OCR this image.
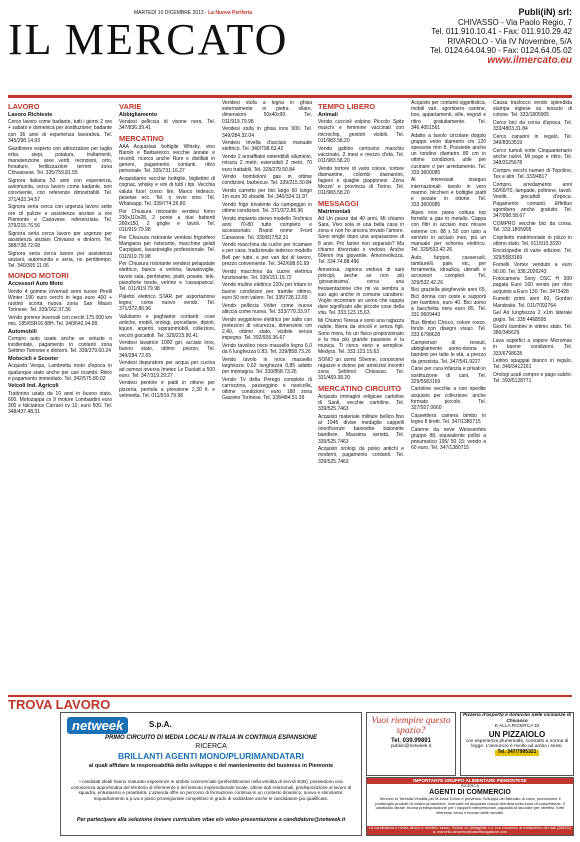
IL MERCATO
MARTEDÌ 10 DICEMBRE 2013 - La Nuova Periferia	Publi(iN) srl:
CHIVASSO - Via Paolo Regio, 7
Tel. 011.910.10.41 - Fax: 011.910.29.42
RIVAROLO - Via IV Novembre, 5/A
Tel. 0124.64.04.90 - Fax: 0124.64.05.02
www.ilmercato.eu
LAVORO
Lavoro Richieste
Cerco lavoro come badante, tutti i giorni 2 ore + sabato e domenica per sostituzione; badante con 36 anni di esperienza lavorativa. Tel. 345/298.14.93
Giardiniere esperto con attrezzature per taglio erba, siepi, potatura, trattamenti, manutenzione aree verdi, recinzioni, orto, fresature, fertilizzazioni terreni zona Chivassese. Tel. 335/759.81.55
Signora italiana 53 anni con esperienza, automunita, cerca lavoro come badante, non convivente, con referenze dimostrabili. Tel. 371/433.34.57
Signora seria cerca con urgenza lavoro sette ore di pulizie e assistenza anziani a ore Piemonte e Canavese, referenziata. Tel. 379/215.76.56
Signora seria cerca lavoro per urgenze per assistenza anziani Chivasso e dintorni. Tel. 388/738.72.68
Signora seria cerca lavoro per assistenza anziani, automunita e seria, no perditempo. Tel. 340/305.11.06
MONDO MOTORI
Accessori Auto Moto
Vendo 4 gomme invernali semi nuove Pirelli Winter 190 euro cerchi in lega euro 400 + ruotino scorta nuova zona San Mauro Torinese. Tel. 339/162.37.36
Vendo gomme invernali con cerchi 175.000 km mis. 185/65R16 88H. Tel. 340/642.94.89
Automobili
Compro auto usate anche se vetuste o incidentate, pagamento in contanti zona Settimo Torinese e dintorni. Tel. 339/379.60.24
Motocicli e Scooter
Acquisto Vespa, Lambretta moto d'epoca in qualunque stato anche per uso ricambi. Ritiro e pagamento immediato. Tel. 342/575.80.02
Veicoli Ind. Agricoli
Trattorino usato da 10 anni in buono stato, 600. Motozappa cv 9 motore Lombardini euro 300 e falciatrice Carraro cv 10, euro 500. Tel. 348/437.48.31
VARIE
Abbigliamento
Vendesi pelliccia di visone nera. Tel. 347/836.39.41
MERCATINO
AAA Acquistasi bottiglie Whisky, vino Barolo e Barbaresco vecchie annate e recenti, ricerco anche Rum e distillati in genere, pagamento contanti, ritiro personale. Tel. 335/731.16.27
Acquistiamo vecchie bottiglie, bigliettini di cognac, whisky e vini di tutti i tipi. Vecchia valuta fuori corso: lire, Marco tedesco, pesetas ecc. Tel. o invio sms: Tel. Whatsapp. Tel. 339/774.26.80
Per Chiusura ristorante vendesi forno 230x110x28, 2 ponte a due battenti 260x150, 2 griglie e tavoli. Tel. 011/919.79.98
Per Chiusura ristorante vendesi frigorifero Mangiana per ristorante, macchine gelati Carpigiani, lavastoviglie professionale. Tel. 011/919.79.98
Per Chiusura ristorante vendesi pelapatate elettrico, banco a vetrina, lavastoviglie, tavolo sala, pentolame, piatti, posate, tele, pianoforte tonde, vetrine e 'cassapanca'. Tel. 011/919.79.98
Paletto elettrico STAR per asportazione legno; come nuovo vendo. Tel. 371/372.86.96
Valutiamo e paghiamo contanti: cose antiche, mobili, orologi, porcellane, dipinti, liquori, argenti, soprammobili, collezioni, vecchi giocattoli. Tel. 329/215.90.41
Vendesi lavatrice 1000 giri, acciaio inox, buono stato, ottimo prezzo. Tel. 349/284.72.65
Vendesi depuratore per acqua per cucina ad osmosi inversa Imetec Le Duolatt a 500 euro. Tel. 347/319.29.27
Vendesi pentole e piatti in ottone per pizzeria, pentola a pressione 2,30 lt. e vetrinetta. Tel. 011/919.79.98
Vendesi stufa a legna in ghisa esternamente in pietra ollare, dimensioni 50x40x90. Tel. 011/919.79.98
Vendesi stufa in ghisa inox 900. Tel. 349/284.32.04
Vendesi trivella d'acciaio manuale elettrico. Tel. 340/798.63.42
Vendo 2 annaffiatoi estendibili alluminio, misura 2 metri, estensibili 2 metri, 70 euro trattabili. Tel. 328/279.50.84
Vendo bomboloni gas in ottime condizioni, barbecue. Tel. 339/215.30.84
Vendo carretto per bici largo 60 lungo 1m euro 30 sbiaditi. Tel. 340/324.11.97
Vendo frigo trivalente da campeggio in ottime condizioni. Tel. 371/372.86.96
Vendo impianto stereo modello Technics anni 70-80 tutto completo e accessoriato. Brand nome Front Canavese. Tel. 339/817/52.31
Vendo macchina da cucire per ricamare e per casa, tradizionale tedesco modello Bell per tutte, e per vari tipi di lavoro, prezzo conveniente. Tel. 342/698.01.69
Vendo macchina da cucire elettrica funzionante. Tel. 339/151.16.72
Vendo mulino elettrico 220v per tritare in buone condizioni per tramite ottimo, euro 50 non valore. Tel. 335/728.12.65
Vendo pelliccia Volter come nuova alticcia come nuova. Tel. 333/770.33.97
Vendo seggiolone elettrico per salto con protezioni di sicurezza, dimensioni cm 2,40, ottimo stato, visibile senza impegno. Tel. 392/926.36.67
Vendo tavolino noce massello legno 6,0 da 6 lunghezza 0.83. Tel. 339/858.73.26
Vendo tavolo in noce massello larghezza 0,62 lunghezza 0,85 adatto per montagna. Tel. 339/858.73.26
Vendo Tv della Perego completo di carrozzina, passeggino e navicella, ottime condizioni; euro 180 zona Gassino Torinese. Tel. 338/484.51.39
TEMPO LIBERO
Animali
Vendo cuccioli volpino Piccolo Spitz maschi e femmine vaccinati con microchip, genitori visibili. Tel. 011/983.58.20
Vendo gattino certosino maschio vaccinato, 2 mesi e mezzo d'età. Tel. 011/983.58.20
Vendo tortore di vario colore, tortore diamantine, colombi diamantini, fagiani e quaglie giapponesi. Zona Mezze' e provincia di Torino. Tel. 011/983.58.20
MESSAGGI
Matrimoniali
Ad Un passo dai 40 anni, Mi chiamo Sara. Vivo sola in una bella casa in zona e non ho ancora trovato l'amore. Sono single dopo una separazione di 8 anni. Pro fanno non separato? Ma chiamo divorziato o vedovo. Anche 60enni ma giovanile. Amorevolezza. Tel. 334.74.88.496
Annarosa, signora vedova di sani principi, anche se non più 'giovanissima', cerca una frequentazione che mi va sembra a suo agio anche in comune carattere. Voglio incontrare un uomo che sappia dare significato alle piccole cose della vita. Tel. 333.123.15.63
Mi Chiamo Teresa e sono una ragazza nubile, libera da vincoli e senza figli. Sono mora, ho un fisico proporzionato e la mia più grande passione è la musica. Ti cerco serio e semplice. Medyss. Tel. 333.123.15.63
SONO un uomo 50enne, conoscerei ragazze e donne per amicizia/ incontri zona Settimo/ Chivasso. Tel. 331/469.38.20
MERCATINO CIRCUITO
Acquisto immagini religiose cartoline di Santi, vecchie cartoline. Tel. 339/525.7463
Acquisto materiale militare bellico fino al 1945 divise medaglie cappelli onorificenze baionette baionette bandiere. Massima serietà. Tel. 339/525.7463
Acquisto orologi da polso antichi e moderni, pagamento contanti. Tel. 339/525.7463
Acquisto per contanti oggettistica, mobili vari, sgombero cantine, box, appartamenti, ville, negozi e ritiro gratuitamente. Tel. 346.4051561
Adatto a tavolo circolare doppio gruppo vetro diametro cm 120 spessore mm 8. Possiede anche un tondino diametro 80 cm in ottime condizioni, utile per cucinare o per arredamento. Tel. 333.3600085
Al interessati inseguo internazionali: tavolo in vero marmo, bicchieri e bottiglie piatti e posate in ottone. Tel. 333.3600085
Alpes inox piano cottura top fornello a gas in metallo. Cappa con filtri in acciaio inox misure esterne cm. 88 x 50 con tubo a servizio in acciaio inox, più un manuale per schema elettrico. Tel. 329/532.42.26
Auto, furgoni, casseruoli, tamburelli, pale, etc, per ferramenta, idraulica, utensili e accessori completi. Tel. 329/532.42.26
Bici graziella pieghevole anni 65, Bici donna con ceste e supporti per bambino, euro 40. Bici uomo a bacchetta nera euro 85. Tel. 331.9609443
Bus Bimbo Chicco, colore rosso, fondo con disegni vivaci. Tel. 333.6798628
Campionari di tessuti, abbigliamento uomo-donna e bambini per tutte le età, a prezzo da grossista. Tel. 347/541.9227
Cane per cura infanzia e privati in sostituzione di cani. Tel. 329/5583169
Cartoline vecchie a non spedite acquisto per collezione: anche formato piccolo. Tel. 327/927.0060
Cassettiera camera bimbo in legno 8 tiretti. Tel. 347/1380715
Caterne da neve Weissenfels gruppo 88, equivalente pollici a pneumatico 195/ 50 15; vendo a 60 euro. Tel. 347/1380715
Causa traslocco vendo splendida stampa inglese su tessuto di cotone. Tel. 333/1805905
Cerco bici da corsa d'epoca. Tel. 333/4803.31.84
Cerco canarini in regalo. Tel. 349/8353519
Cerco tumuli notte Cinquantenario anche nuovi. Mi pago e ritiro. Tel. 348/3125678
Compro vecchi numeri di Topolino, Tex e altri. Tel. 333/4817
Compro, arredamento anni 50/60/70, lampade, poltrone, tavoli. Vestiti, giocattoli d'epoca. Pagamento contanti. Effettuo sgombero anche gratuito. Tel. 347/098.58.67
COMPRO vecchie bici da corsa. Tel. 333.1805905
Copriletto matrimoniale in pizzo in ottimo stato. Tel. 011/910.3020
Enciclopedie di varie edizioni. Tel. 329/5583169
Fornelli Vortex venduto a euro 90,00. Tel. 338.2026243
Fotocamera Sony DSC H 300 pagata Euro 160 vendo per ritiro acquisto a Euro 130. Tel. 3473428
Fumetti primi anni 60, Gordon Mandrake. Tel. 011/7092764
Gel Air lunghezza 2 x1m laterale grigio. Tel. 335 4468595
Giochi bambini in ottimo stato. Tel. 389/345629
Lava superfici a vapore Micromax in buone condizioni. Tel. 333/6798628
Lettino spaggiai bianco in regalo. Tel. 349/3412161
Orologi usati compro e pago subito. Tel. 393/5128771
TROVA LAVORO
netweek	S.p.A.
PRIMO CIRCUITO DI MEDIA LOCALI IN ITALIA IN CONTINUA ESPANSIONE
RICERCA
BRILLANTI AGENTI MONO/PLURIMANDATARI
ai quali affidare la responsabilità dello sviluppo e del mantenimento del business in Piemonte
I candidati ideali hanno maturato esperienze in ambito commerciale (preferibilmente nella vendita di servizi B2B), possiedono una conoscenza approfondita del territorio di riferimento e del tessuto imprenditoriale locale, ottime doti relazionali, predisposizione al lavoro di squadra, entusiasmo e proattività. L'azienda offre un percorso di formazione continua in un contesto dinamico, nuovo e stimolante. Inquadramento a p.iva e piano provvigionale competitivo in grado di soddisfare anche le candidature più qualificate.
Per partecipare alla selezione inviare curriculum vitae e/o video-presentazione a candidature@netweek.it
Vuoi riempire questo spazio?
Tel. 039.99891
publiin@netweek.it
Pizzeria d'asporto e domicilio nelle vicinanze di Chivasso
E ALLA RICERCA DI
UN PIZZAIOLO
con esperienza pluriennale, contratto a norma di legge. L'annuncio è rivolto ad ambo i sessi.
Tel. 347/7995321
IMPORTANTE GRUPPO ALIMENTARE PIEMONTESE
RICERCA
AGENTI DI COMMERCIO
Servizio in Teresita Vendita per la zona Torino e provincia. Sviluppo del fatturato di zona, promozione il portafoglio prodotti di nostra produzione, ricercare ed acquisire nuova clientela nella zona di competenza. Il candidato ideale: buona predisposizione per i rapporti interpersonali, capacità di lavorare per obiettivi, forte interesse verso il mondo delle vendite.
La candidatura è rivolta all'uno e dell'altro sesso. Inviare un dettagliato c.v. con consenso al trattamento dei dati (196/03) a: marcello.dimarino@caseificiogalione.com
